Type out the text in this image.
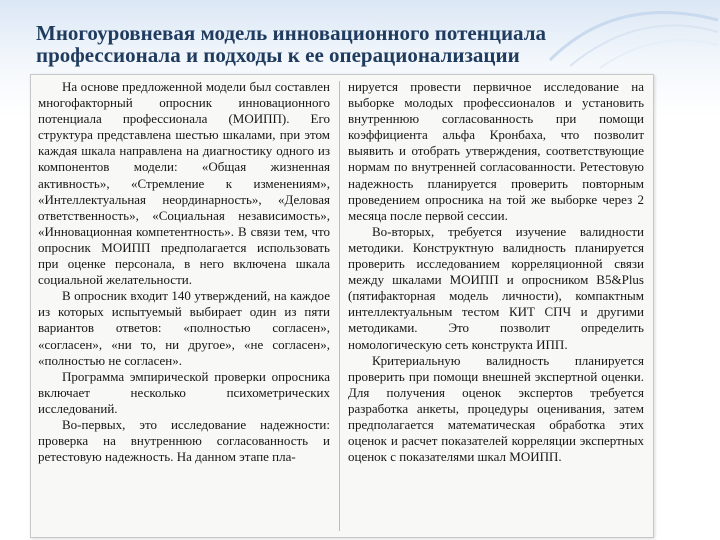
Многоуровневая модель инновационного потенциала
профессионала и подходы к ее операционализации

На основе предложенной модели был составлен многофакторный опросник инновационного потенциала профессионала (МОИПП). Его структура представлена шестью шкалами, при этом каждая шкала направлена на диагностику одного из компонентов модели: «Общая жизненная активность», «Стремление к изменениям», «Интеллектуальная неординарность», «Деловая ответственность», «Социальная независимость», «Инновационная компетентность». В связи тем, что опросник МОИПП предполагается использовать при оценке персонала, в него включена шкала социальной желательности.

В опросник входит 140 утверждений, на каждое из которых испытуемый выбирает один из пяти вариантов ответов: «полностью согласен», «согласен», «ни то, ни другое», «не согласен», «полностью не согласен».

Программа эмпирической проверки опросника включает несколько психометрических исследований.

Во-первых, это исследование надежности: проверка на внутреннюю согласованность и ретестовую надежность. На данном этапе пла-

нируется провести первичное исследование на выборке молодых профессионалов и установить внутреннюю согласованность при помощи коэффициента альфа Кронбаха, что позволит выявить и отобрать утверждения, соответствующие нормам по внутренней согласованности. Ретестовую надежность планируется проверить повторным проведением опросника на той же выборке через 2 месяца после первой сессии.

Во-вторых, требуется изучение валидности методики. Конструктную валидность планируется проверить исследованием корреляционной связи между шкалами МОИПП и опросником B5&Plus (пятифакторная модель личности), компактным интеллектуальным тестом КИТ СПЧ и другими методиками. Это позволит определить номологическую сеть конструкта ИПП.

Критериальную валидность планируется проверить при помощи внешней экспертной оценки. Для получения оценок экспертов требуется разработка анкеты, процедуры оценивания, затем предполагается математическая обработка этих оценок и расчет показателей корреляции экспертных оценок с показателями шкал МОИПП.
